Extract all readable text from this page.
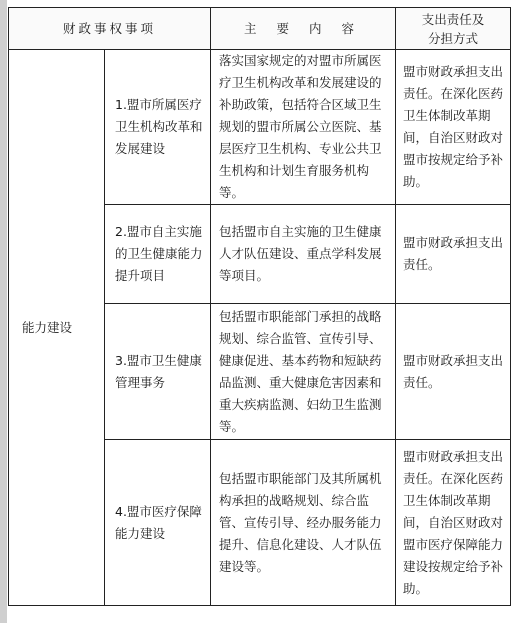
财政事权事项		主 要 内 容	支出责任及
分担方式
能力建设	1.盟市所属医疗卫生机构改革和发展建设	落实国家规定的对盟市所属医疗卫生机构改革和发展建设的补助政策，包括符合区域卫生规划的盟市所属公立医院、基层医疗卫生机构、专业公共卫生机构和计划生育服务机构等。	盟市财政承担支出责任。在深化医药卫生体制改革期间，自治区财政对盟市按规定给予补助。
	2.盟市自主实施的卫生健康能力提升项目	包括盟市自主实施的卫生健康人才队伍建设、重点学科发展等项目。	盟市财政承担支出责任。
	3.盟市卫生健康管理事务	包括盟市职能部门承担的战略规划、综合监管、宣传引导、健康促进、基本药物和短缺药品监测、重大健康危害因素和重大疾病监测、妇幼卫生监测等。	盟市财政承担支出责任。
	4.盟市医疗保障能力建设	包括盟市职能部门及其所属机构承担的战略规划、综合监管、宣传引导、经办服务能力提升、信息化建设、人才队伍建设等。	盟市财政承担支出责任。在深化医药卫生体制改革期间，自治区财政对盟市医疗保障能力建设按规定给予补助。
